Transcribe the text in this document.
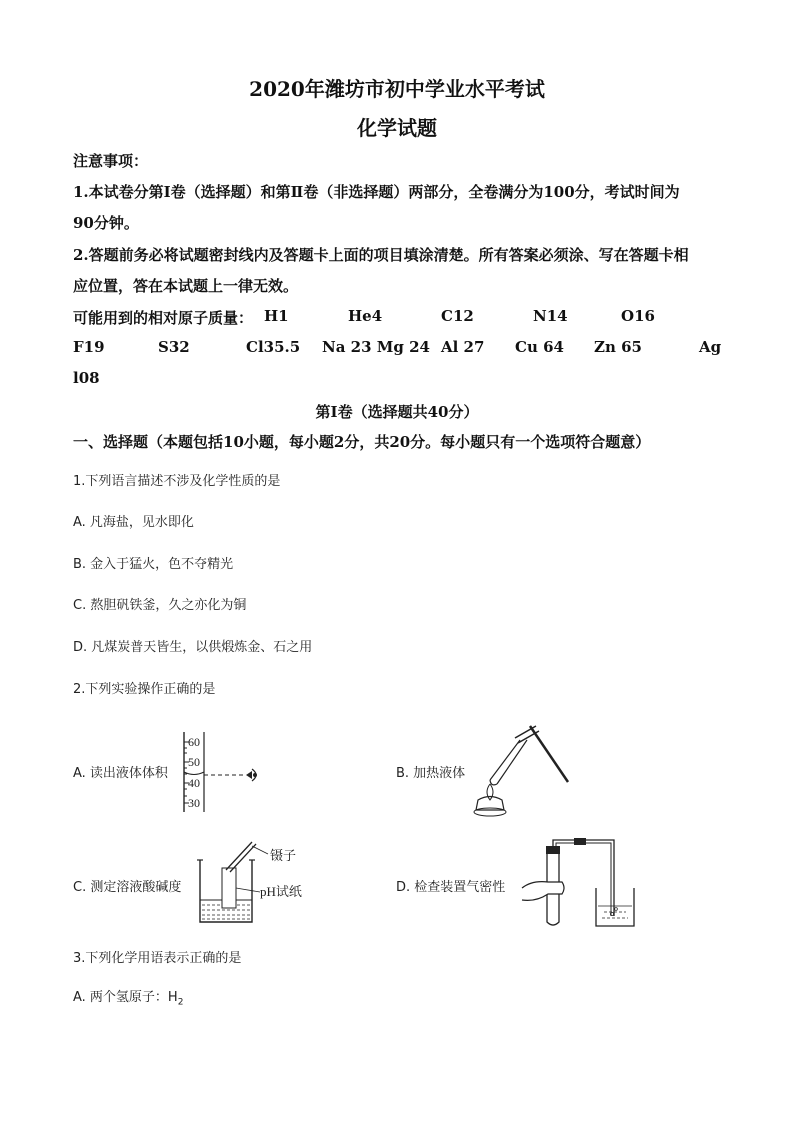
2020年潍坊市初中学业水平考试
化学试题
注意事项：
1.本试卷分第Ⅰ卷（选择题）和第Ⅱ卷（非选择题）两部分，全卷满分为100分，考试时间为
90分钟。
2.答题前务必将试题密封线内及答题卡上面的项目填涂清楚。所有答案必须涂、写在答题卡相
应位置，答在本试题上一律无效。
可能用到的相对原子质量： H1	He4	C12	N14	O16
F19	S32	Cl35.5 Na 23 Mg 24 Al 27 Cu 64 Zn 65	Ag
l08
第Ⅰ卷（选择题共40分）
一、选择题（本题包括10小题，每小题2分，共20分。每小题只有一个选项符合题意）
1.下列语言描述不涉及化学性质的是
A. 凡海盐，见水即化
B. 金入于猛火，色不夺精光
C. 熬胆矾铁釜，久之亦化为铜
D. 凡煤炭普天皆生，以供煅炼金、石之用
2.下列实验操作正确的是
A. 读出液体体积	B. 加热液体
C. 测定溶液酸碱度	D. 检查装置气密性
60
50
40
30
镊子
pH试纸
3.下列化学用语表示正确的是
A. 两个氢原子：$H_2$
